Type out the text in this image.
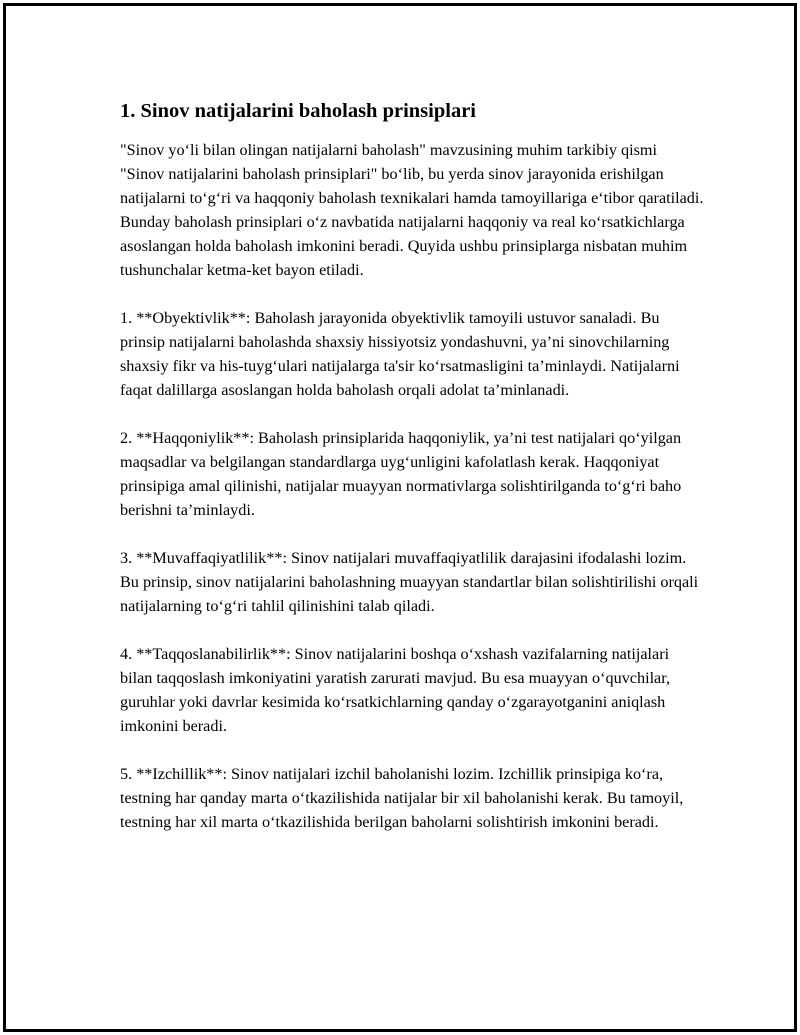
1. Sinov natijalarini baholash prinsiplari

"Sinov yo‘li bilan olingan natijalarni baholash" mavzusining muhim tarkibiy qismi "Sinov natijalarini baholash prinsiplari" bo‘lib, bu yerda sinov jarayonida erishilgan natijalarni to‘g‘ri va haqqoniy baholash texnikalari hamda tamoyillariga e‘tibor qaratiladi. Bunday baholash prinsiplari o‘z navbatida natijalarni haqqoniy va real ko‘rsatkichlarga asoslangan holda baholash imkonini beradi. Quyida ushbu prinsiplarga nisbatan muhim tushunchalar ketma-ket bayon etiladi.

1. **Obyektivlik**: Baholash jarayonida obyektivlik tamoyili ustuvor sanaladi. Bu prinsip natijalarni baholashda shaxsiy hissiyotsiz yondashuvni, ya’ni sinovchilarning shaxsiy fikr va his-tuyg‘ulari natijalarga ta'sir ko‘rsatmasligini ta’minlaydi. Natijalarni faqat dalillarga asoslangan holda baholash orqali adolat ta’minlanadi.

2. **Haqqoniylik**: Baholash prinsiplarida haqqoniylik, ya’ni test natijalari qo‘yilgan maqsadlar va belgilangan standardlarga uyg‘unligini kafolatlash kerak. Haqqoniyat prinsipiga amal qilinishi, natijalar muayyan normativlarga solishtirilganda to‘g‘ri baho berishni ta’minlaydi.

3. **Muvaffaqiyatlilik**: Sinov natijalari muvaffaqiyatlilik darajasini ifodalashi lozim. Bu prinsip, sinov natijalarini baholashning muayyan standartlar bilan solishtirilishi orqali natijalarning to‘g‘ri tahlil qilinishini talab qiladi.

4. **Taqqoslanabilirlik**: Sinov natijalarini boshqa o‘xshash vazifalarning natijalari bilan taqqoslash imkoniyatini yaratish zarurati mavjud. Bu esa muayyan o‘quvchilar, guruhlar yoki davrlar kesimida ko‘rsatkichlarning qanday o‘zgarayotganini aniqlash imkonini beradi.

5. **Izchillik**: Sinov natijalari izchil baholanishi lozim. Izchillik prinsipiga ko‘ra, testning har qanday marta o‘tkazilishida natijalar bir xil baholanishi kerak. Bu tamoyil, testning har xil marta o‘tkazilishida berilgan baholarni solishtirish imkonini beradi.
